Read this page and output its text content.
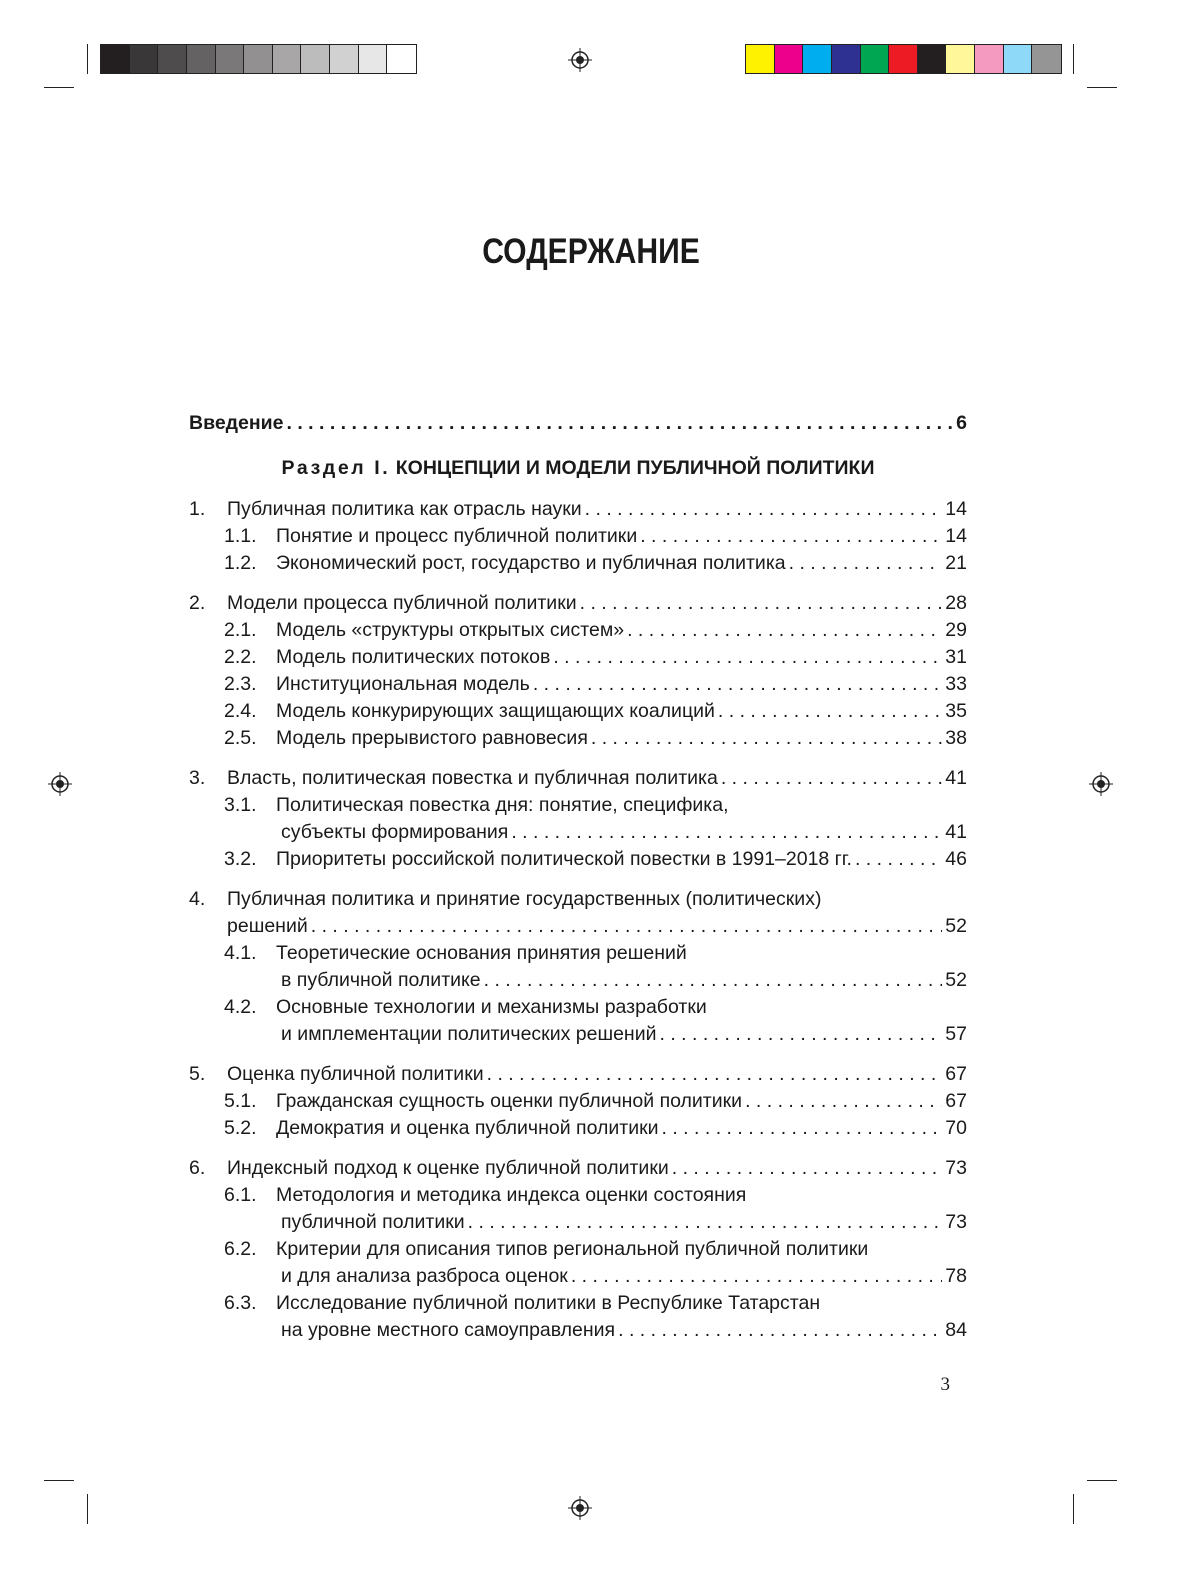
СОДЕРЖАНИЕ
Введение . . .	6
Раздел I. КОНЦЕПЦИИ И МОДЕЛИ ПУБЛИЧНОЙ ПОЛИТИКИ
1.	Публичная политика как отрасль науки . . .	14
1.1. Понятие и процесс публичной политики . . .	14
1.2. Экономический рост, государство и публичная политика . . .	21
2.	Модели процесса публичной политики . . .	28
2.1. Модель «структуры открытых систем» . . .	29
2.2. Модель политических потоков . . .	31
2.3. Институциональная модель . . .	33
2.4. Модель конкурирующих защищающих коалиций . . .	35
2.5. Модель прерывистого равновесия . . .	38
3.	Власть, политическая повестка и публичная политика . . .	41
3.1. Политическая повестка дня: понятие, специфика,
субъекты формирования . . .	41
3.2. Приоритеты российской политической повестки в 1991–2018 гг. . . .	46
4.	Публичная политика и принятие государственных (политических)
решений . . .	52
4.1. Теоретические основания принятия решений
в публичной политике . . .	52
4.2. Основные технологии и механизмы разработки
и имплементации политических решений . . .	57
5.	Оценка публичной политики . . .	67
5.1. Гражданская сущность оценки публичной политики . . .	67
5.2. Демократия и оценка публичной политики . . .	70
6.	Индексный подход к оценке публичной политики . . .	73
6.1. Методология и методика индекса оценки состояния
публичной политики . . .	73
6.2. Критерии для описания типов региональной публичной политики
и для анализа разброса оценок . . .	78
6.3. Исследование публичной политики в Республике Татарстан
на уровне местного самоуправления . . .	84
3
